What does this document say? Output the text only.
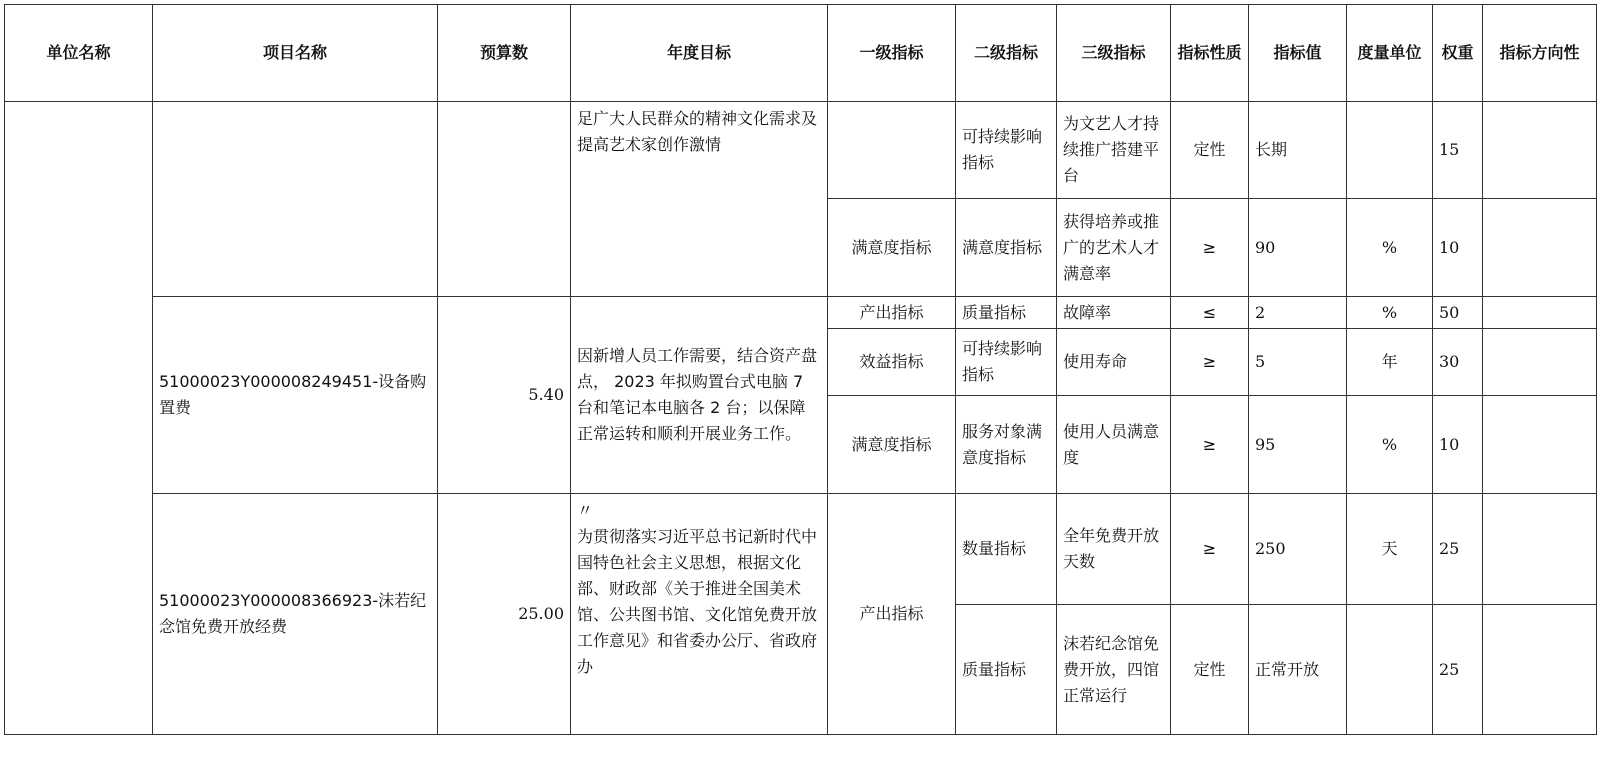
单位名称	项目名称	预算数	年度目标	一级指标	二级指标	三级指标	指标性质	指标值	度量单位	权重	指标方向性
			足广大人民群众的精神文化需求及提高艺术家创作激情		可持续影响指标	为文艺人才持续推广搭建平台	定性	长期		15	
				满意度指标	满意度指标	获得培养或推广的艺术人才满意率	≥	90	%	10	
	51000023Y000008249451-设备购置费	5.40	因新增人员工作需要，结合资产盘点， 2023 年拟购置台式电脑 7 台和笔记本电脑各 2 台；以保障正常运转和顺利开展业务工作。	产出指标	质量指标	故障率	≤	2	%	50	
				效益指标	可持续影响指标	使用寿命	≥	5	年	30	
				满意度指标	服务对象满意度指标	使用人员满意度	≥	95	%	10	
	51000023Y000008366923-沫若纪念馆免费开放经费	25.00	〃
为贯彻落实习近平总书记新时代中国特色社会主义思想，根据文化部、财政部《关于推进全国美术馆、公共图书馆、文化馆免费开放工作意见》和省委办公厅、省政府办	产出指标	数量指标	全年免费开放天数	≥	250	天	25	
					质量指标	沫若纪念馆免费开放，四馆正常运行	定性	正常开放		25	
